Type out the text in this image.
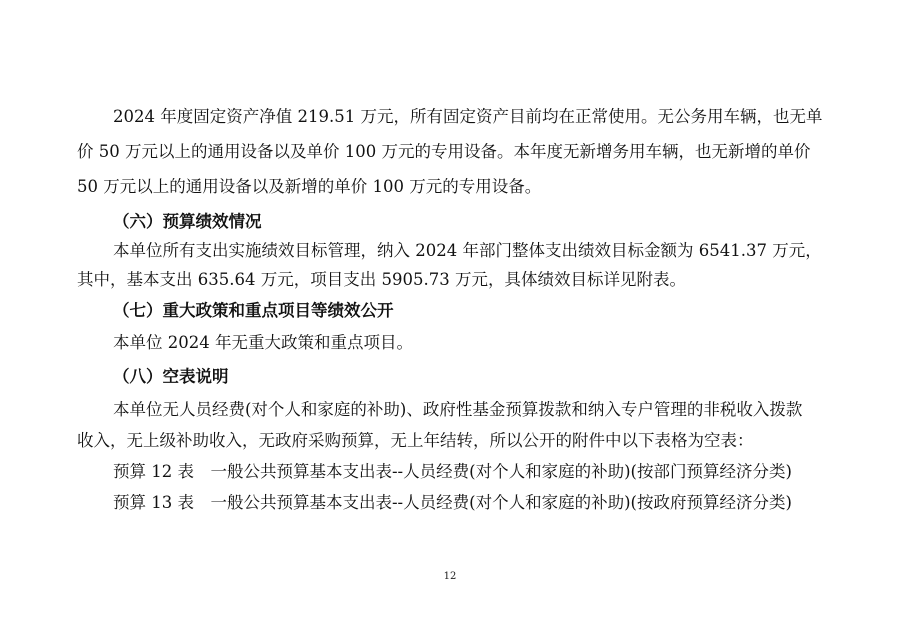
2024 年度固定资产净值 219.51 万元，所有固定资产目前均在正常使用。无公务用车辆，也无单
价 50 万元以上的通用设备以及单价 100 万元的专用设备。本年度无新增务用车辆，也无新增的单价
50 万元以上的通用设备以及新增的单价 100 万元的专用设备。
（六）预算绩效情况
本单位所有支出实施绩效目标管理，纳入 2024 年部门整体支出绩效目标金额为 6541.37 万元，
其中，基本支出 635.64 万元，项目支出 5905.73 万元，具体绩效目标详见附表。
（七）重大政策和重点项目等绩效公开
本单位 2024 年无重大政策和重点项目。
（八）空表说明
本单位无人员经费(对个人和家庭的补助)、政府性基金预算拨款和纳入专户管理的非税收入拨款
收入，无上级补助收入，无政府采购预算，无上年结转，所以公开的附件中以下表格为空表：
预算 12 表　一般公共预算基本支出表--人员经费(对个人和家庭的补助)(按部门预算经济分类)
预算 13 表　一般公共预算基本支出表--人员经费(对个人和家庭的补助)(按政府预算经济分类)
12
